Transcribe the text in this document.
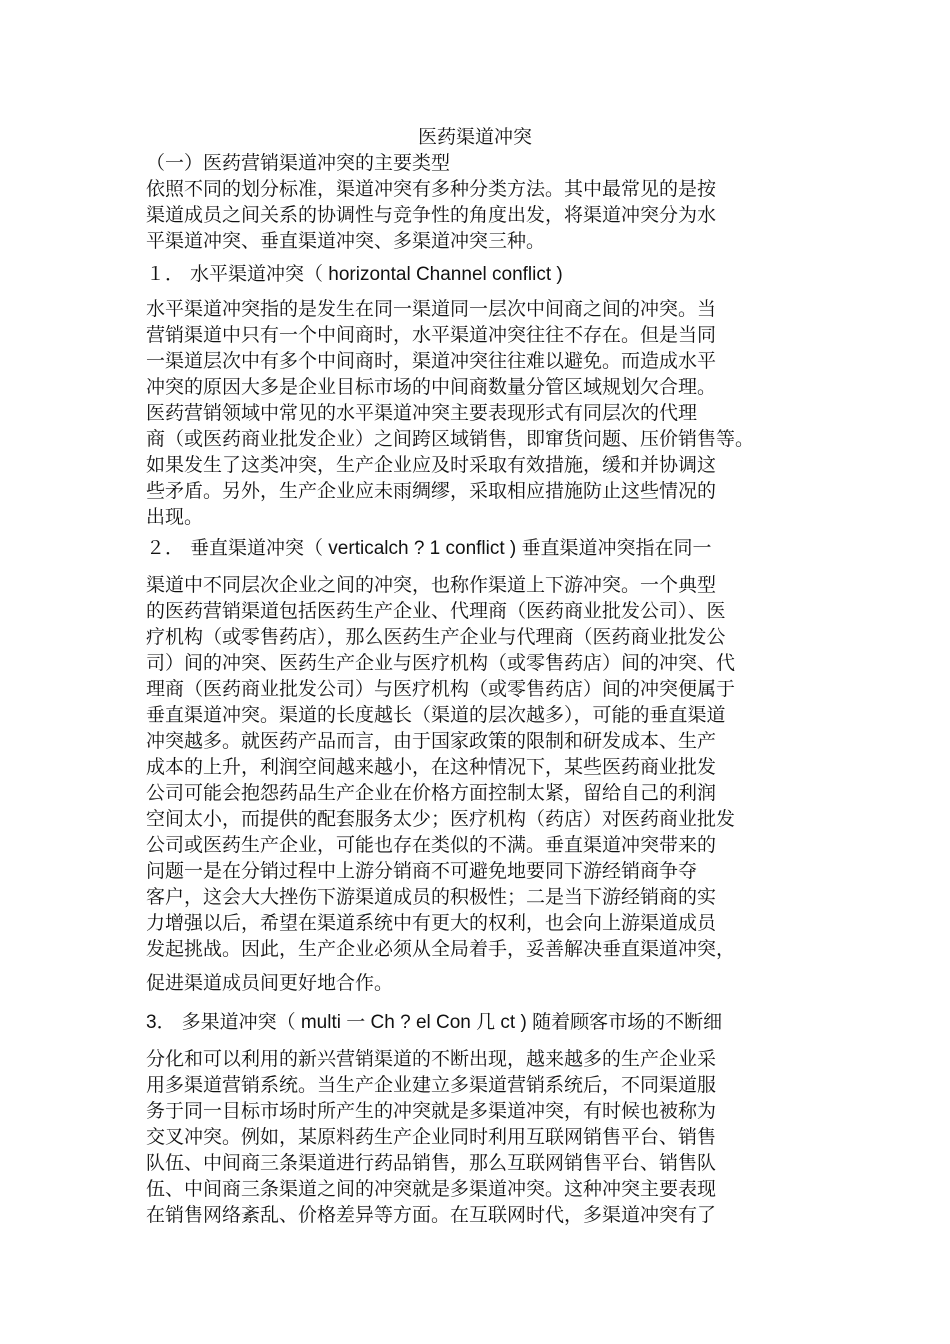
医药渠道冲突
（一）医药营销渠道冲突的主要类型
依照不同的划分标准，渠道冲突有多种分类方法。其中最常见的是按
渠道成员之间关系的协调性与竞争性的角度出发，将渠道冲突分为水
平渠道冲突、垂直渠道冲突、多渠道冲突三种。
１． 水平渠道冲突（ horizontal Channel conflict )
水平渠道冲突指的是发生在同一渠道同一层次中间商之间的冲突。当
营销渠道中只有一个中间商时，水平渠道冲突往往不存在。但是当同
一渠道层次中有多个中间商时，渠道冲突往往难以避免。而造成水平
冲突的原因大多是企业目标市场的中间商数量分管区域规划欠合理。
医药营销领域中常见的水平渠道冲突主要表现形式有同层次的代理
商（或医药商业批发企业）之间跨区域销售，即窜货问题、压价销售等。
如果发生了这类冲突，生产企业应及时采取有效措施，缓和并协调这
些矛盾。另外，生产企业应未雨绸缪，采取相应措施防止这些情况的
出现。
２． 垂直渠道冲突（ verticalch ? 1 conflict ) 垂直渠道冲突指在同一
渠道中不同层次企业之间的冲突，也称作渠道上下游冲突。一个典型
的医药营销渠道包括医药生产企业、代理商（医药商业批发公司）、医
疗机构（或零售药店），那么医药生产企业与代理商（医药商业批发公
司）间的冲突、医药生产企业与医疗机构（或零售药店）间的冲突、代
理商（医药商业批发公司）与医疗机构（或零售药店）间的冲突便属于
垂直渠道冲突。渠道的长度越长（渠道的层次越多），可能的垂直渠道
冲突越多。就医药产品而言，由于国家政策的限制和研发成本、生产
成本的上升，利润空间越来越小，在这种情况下，某些医药商业批发
公司可能会抱怨药品生产企业在价格方面控制太紧，留给自己的利润
空间太小，而提供的配套服务太少；医疗机构（药店）对医药商业批发
公司或医药生产企业，可能也存在类似的不满。垂直渠道冲突带来的
问题一是在分销过程中上游分销商不可避免地要同下游经销商争夺
客户，这会大大挫伤下游渠道成员的积极性；二是当下游经销商的实
力增强以后，希望在渠道系统中有更大的权利，也会向上游渠道成员
发起挑战。因此，生产企业必须从全局着手，妥善解决垂直渠道冲突，
促进渠道成员间更好地合作。
3． 多果道冲突（ multi 一 Ch ? el Con 几 ct ) 随着顾客市场的不断细
分化和可以利用的新兴营销渠道的不断出现，越来越多的生产企业采
用多渠道营销系统。当生产企业建立多渠道营销系统后，不同渠道服
务于同一目标市场时所产生的冲突就是多渠道冲突，有时候也被称为
交叉冲突。例如，某原料药生产企业同时利用互联网销售平台、销售
队伍、中间商三条渠道进行药品销售，那么互联网销售平台、销售队
伍、中间商三条渠道之间的冲突就是多渠道冲突。这种冲突主要表现
在销售网络紊乱、价格差异等方面。在互联网时代，多渠道冲突有了
